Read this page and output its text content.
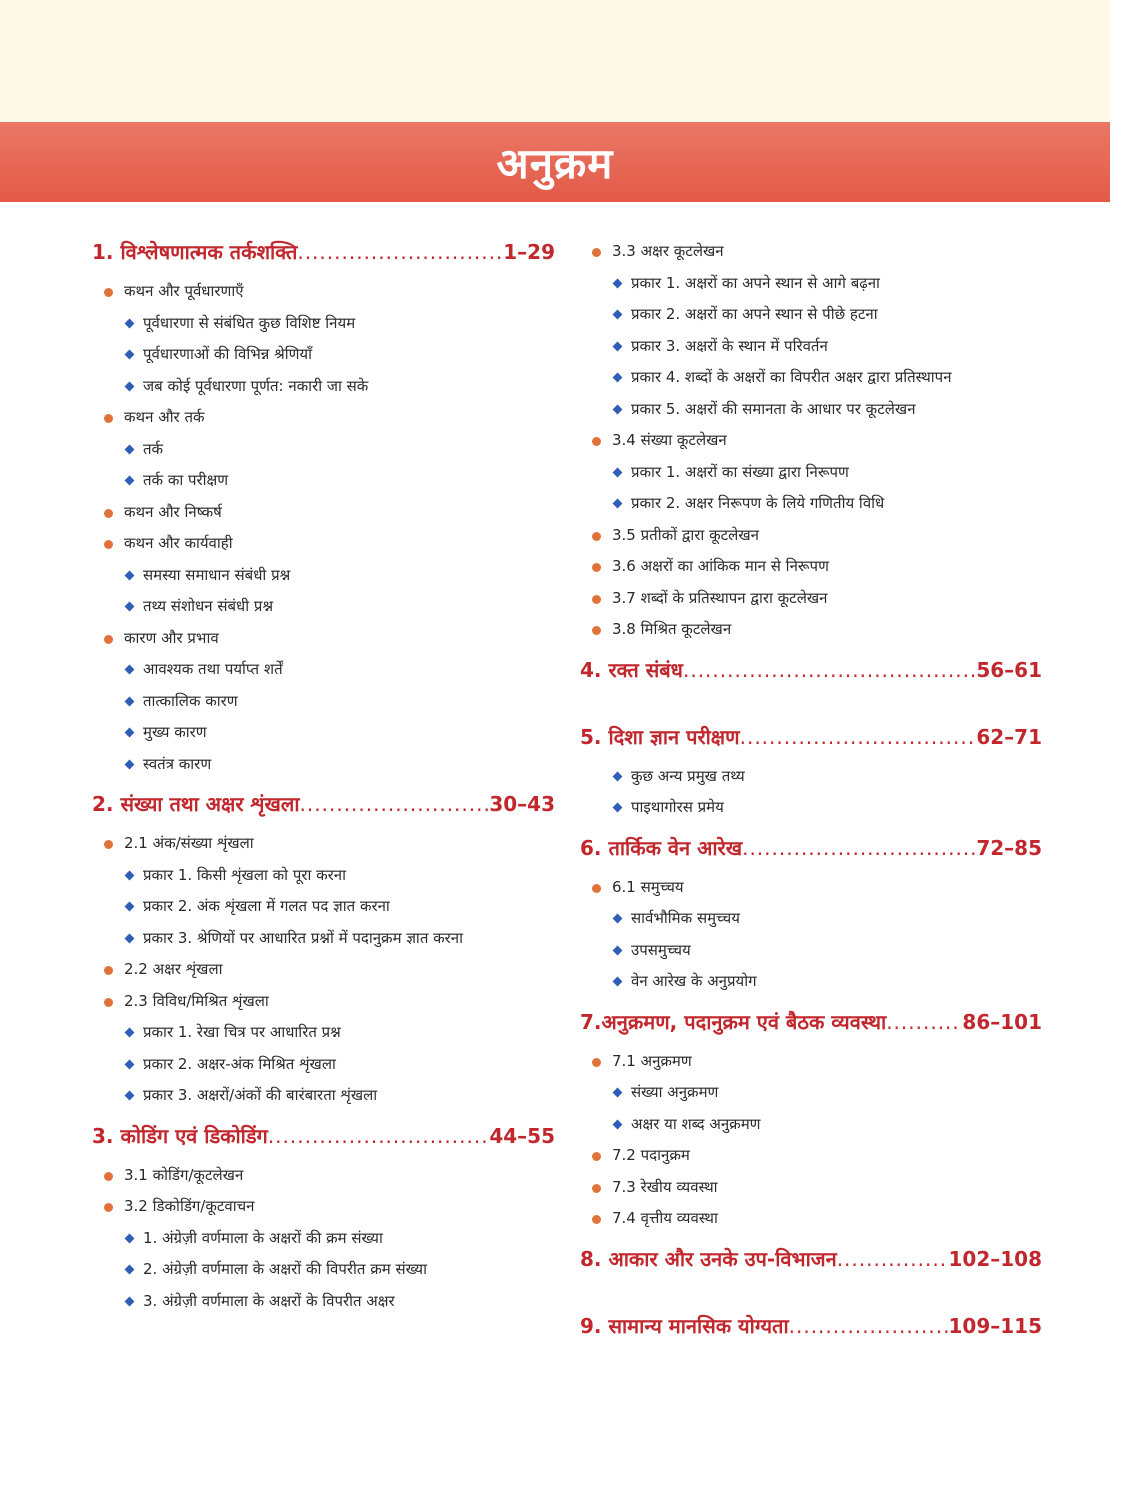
अनुक्रम
1. विश्लेषणात्मक तर्कशक्ति .....	1–29
कथन और पूर्वधारणाएँ
पूर्वधारणा से संबंधित कुछ विशिष्ट नियम
पूर्वधारणाओं की विभिन्न श्रेणियाँ
जब कोई पूर्वधारणा पूर्णत: नकारी जा सके
कथन और तर्क
तर्क
तर्क का परीक्षण
कथन और निष्कर्ष
कथन और कार्यवाही
समस्या समाधान संबंधी प्रश्न
तथ्य संशोधन संबंधी प्रश्न
कारण और प्रभाव
आवश्यक तथा पर्याप्त शर्तें
तात्कालिक कारण
मुख्य कारण
स्वतंत्र कारण
2. संख्या तथा अक्षर शृंखला .....	30–43
2.1 अंक/संख्या शृंखला
प्रकार 1. किसी शृंखला को पूरा करना
प्रकार 2. अंक शृंखला में गलत पद ज्ञात करना
प्रकार 3. श्रेणियों पर आधारित प्रश्नों में पदानुक्रम ज्ञात करना
2.2 अक्षर शृंखला
2.3 विविध/मिश्रित शृंखला
प्रकार 1. रेखा चित्र पर आधारित प्रश्न
प्रकार 2. अक्षर-अंक मिश्रित शृंखला
प्रकार 3. अक्षरों/अंकों की बारंबारता शृंखला
3. कोडिंग एवं डिकोडिंग .....	44–55
3.1 कोडिंग/कूटलेखन
3.2 डिकोडिंग/कूटवाचन
1. अंग्रेज़ी वर्णमाला के अक्षरों की क्रम संख्या
2. अंग्रेज़ी वर्णमाला के अक्षरों की विपरीत क्रम संख्या
3. अंग्रेज़ी वर्णमाला के अक्षरों के विपरीत अक्षर
3.3 अक्षर कूटलेखन
प्रकार 1. अक्षरों का अपने स्थान से आगे बढ़ना
प्रकार 2. अक्षरों का अपने स्थान से पीछे हटना
प्रकार 3. अक्षरों के स्थान में परिवर्तन
प्रकार 4. शब्दों के अक्षरों का विपरीत अक्षर द्वारा प्रतिस्थापन
प्रकार 5. अक्षरों की समानता के आधार पर कूटलेखन
3.4 संख्या कूटलेखन
प्रकार 1. अक्षरों का संख्या द्वारा निरूपण
प्रकार 2. अक्षर निरूपण के लिये गणितीय विधि
3.5 प्रतीकों द्वारा कूटलेखन
3.6 अक्षरों का आंकिक मान से निरूपण
3.7 शब्दों के प्रतिस्थापन द्वारा कूटलेखन
3.8 मिश्रित कूटलेखन
4. रक्त संबंध .....	56–61
5. दिशा ज्ञान परीक्षण .....	62–71
कुछ अन्य प्रमुख तथ्य
पाइथागोरस प्रमेय
6. तार्किक वेन आरेख .....	72–85
6.1 समुच्चय
सार्वभौमिक समुच्चय
उपसमुच्चय
वेन आरेख के अनुप्रयोग
7.अनुक्रमण, पदानुक्रम एवं बैठक व्यवस्था .....	86–101
7.1 अनुक्रमण
संख्या अनुक्रमण
अक्षर या शब्द अनुक्रमण
7.2 पदानुक्रम
7.3 रेखीय व्यवस्था
7.4 वृत्तीय व्यवस्था
8. आकार और उनके उप-विभाजन .....	102–108
9. सामान्य मानसिक योग्यता .....	109–115
